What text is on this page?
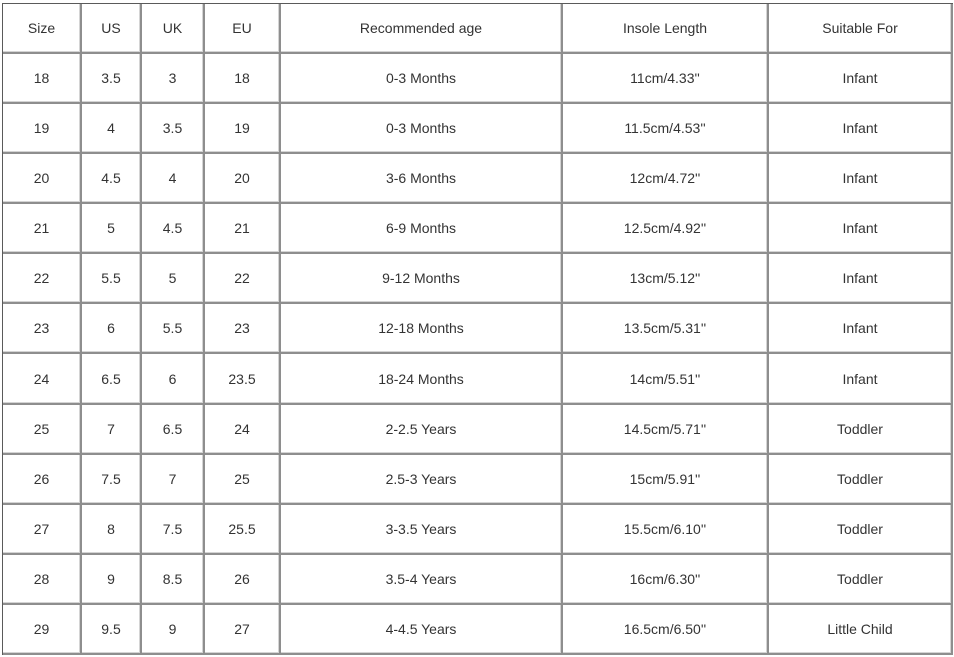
Size	US	UK	EU	Recommended age	Insole Length	Suitable For
18	3.5	3	18	0-3 Months	11cm/4.33''	Infant
19	4	3.5	19	0-3 Months	11.5cm/4.53''	Infant
20	4.5	4	20	3-6 Months	12cm/4.72''	Infant
21	5	4.5	21	6-9 Months	12.5cm/4.92''	Infant
22	5.5	5	22	9-12 Months	13cm/5.12''	Infant
23	6	5.5	23	12-18 Months	13.5cm/5.31''	Infant
24	6.5	6	23.5	18-24 Months	14cm/5.51''	Infant
25	7	6.5	24	2-2.5 Years	14.5cm/5.71''	Toddler
26	7.5	7	25	2.5-3 Years	15cm/5.91''	Toddler
27	8	7.5	25.5	3-3.5 Years	15.5cm/6.10''	Toddler
28	9	8.5	26	3.5-4 Years	16cm/6.30''	Toddler
29	9.5	9	27	4-4.5 Years	16.5cm/6.50''	Little Child
